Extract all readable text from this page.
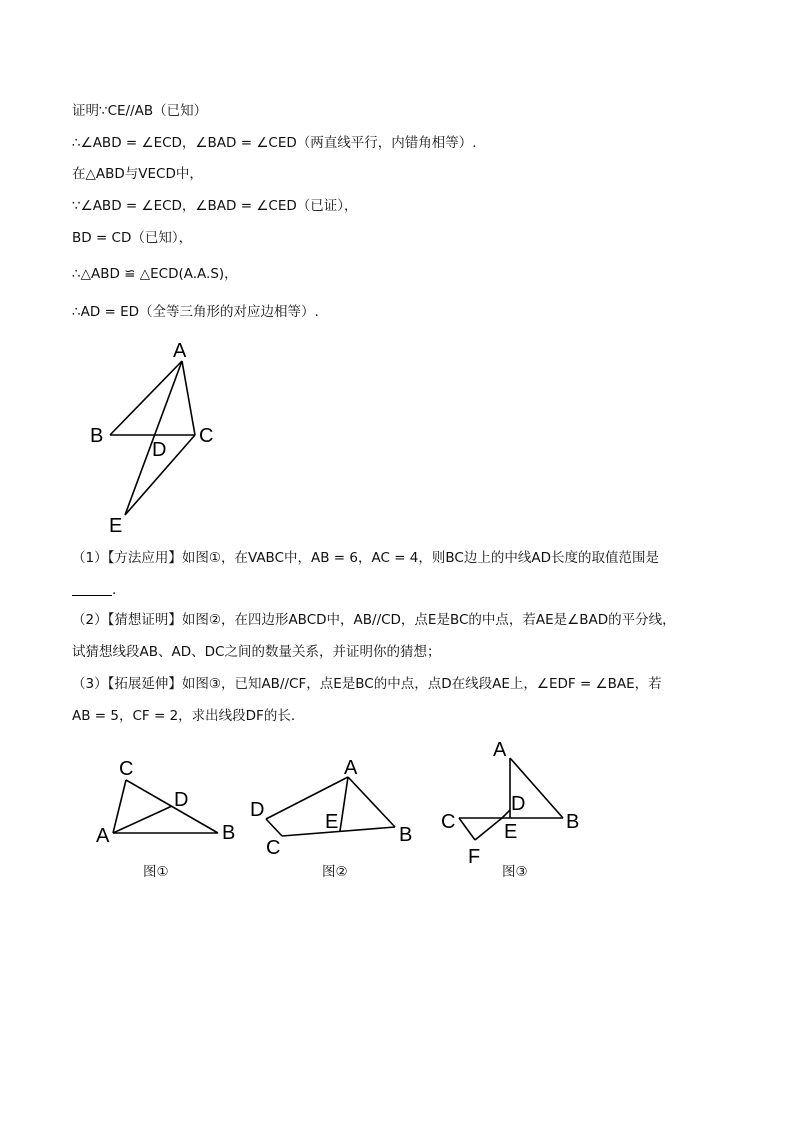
证明∵CE//AB（已知）
∴∠ABD = ∠ECD，∠BAD = ∠CED（两直线平行，内错角相等）.
在△ABD与VECD中，
∵∠ABD = ∠ECD，∠BAD = ∠CED（已证），
BD = CD（已知），
∴△ABD ≌ △ECD(A.A.S)，
∴AD = ED（全等三角形的对应边相等）.
A
B	C
D
E
（1）【方法应用】如图①，在VABC中，AB = 6，AC = 4，则BC边上的中线AD长度的取值范围是
.
（2）【猜想证明】如图②，在四边形ABCD中，AB//CD，点E是BC的中点，若AE是∠BAD的平分线，
试猜想线段AB、AD、DC之间的数量关系，并证明你的猜想；
（3）【拓展延伸】如图③，已知AB//CF，点E是BC的中点，点D在线段AE上，∠EDF = ∠BAE，若
AB = 5，CF = 2，求出线段DF的长.
C
D
A	B
图①
A
D
E
B
C
图②
A
D
C E B
F
图③
